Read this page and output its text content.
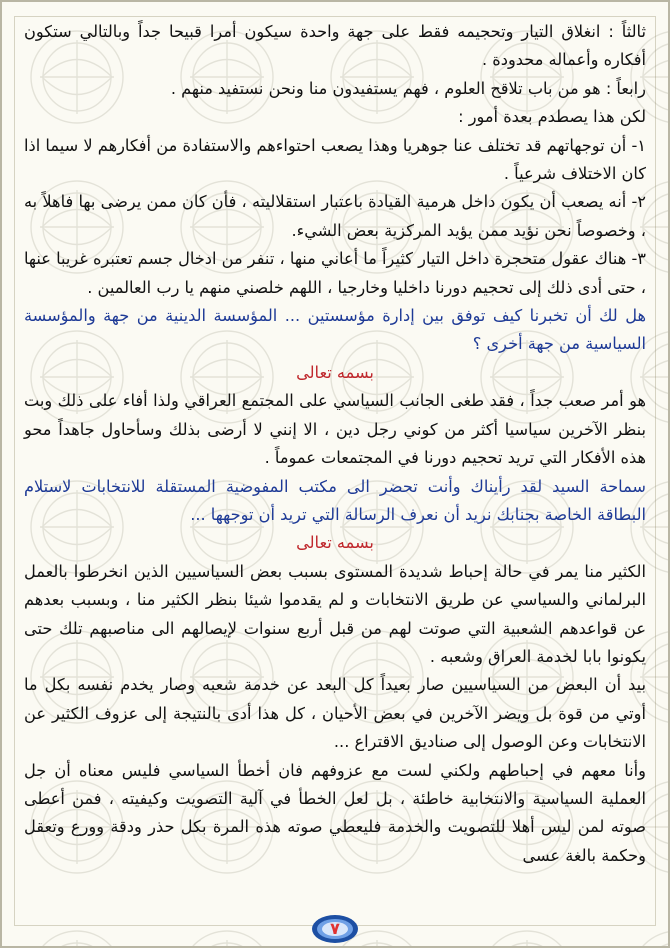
ثالثاً : انغلاق التيار وتحجيمه فقط على جهة واحدة سيكون أمرا قبيحا جداً وبالتالي ستكون أفكاره وأعماله محدودة .

رابعاً : هو من باب تلاقح العلوم ، فهم يستفيدون منا ونحن نستفيد منهم .

لكن هذا يصطدم بعدة أمور :

١- أن توجهاتهم قد تختلف عنا جوهريا وهذا يصعب احتواءهم والاستفادة من أفكارهم لا سيما اذا كان الاختلاف شرعياً .

٢- أنه يصعب أن يكون داخل هرمية القيادة باعتبار استقلاليته ، فأن كان ممن يرضى بها فاهلاً به ، وخصوصاً نحن نؤيد ممن يؤيد المركزية بعض الشيء.

٣- هناك عقول متحجرة داخل التيار كثيراً ما أعاني منها ، تنفر من ادخال جسم تعتبره غريبا عنها ، حتى أدى ذلك إلى تحجيم دورنا داخليا وخارجيا ، اللهم خلصني منهم يا رب العالمين .

هل لك أن تخبرنا كيف توفق بين إدارة مؤسستين ... المؤسسة الدينية من جهة والمؤسسة السياسية من جهة أخرى ؟

بسمه تعالى

هو أمر صعب جداً ، فقد طغى الجانب السياسي على المجتمع العراقي ولذا أفاء على ذلك وبت بنظر الآخرين سياسيا أكثر من كوني رجل دين ، الا إنني لا أرضى بذلك وسأحاول جاهداً محو هذه الأفكار التي تريد تحجيم دورنا في المجتمعات عموماً .

سماحة السيد لقد رأيناك وأنت تحضر الى مكتب المفوضية المستقلة للانتخابات لاستلام البطاقة الخاصة بجنابك نريد أن نعرف الرسالة التي تريد أن توجهها ...

بسمه تعالى

الكثير منا يمر في حالة إحباط شديدة المستوى بسبب بعض السياسيين الذين انخرطوا بالعمل البرلماني والسياسي عن طريق الانتخابات و لم يقدموا شيئا بنظر الكثير منا ، وبسبب بعدهم عن قواعدهم الشعبية التي صوتت لهم من قبل أربع سنوات لإيصالهم الى مناصبهم تلك حتى يكونوا بابا لخدمة العراق وشعبه .

بيد أن البعض من السياسيين صار بعيداً كل البعد عن خدمة شعبه وصار يخدم نفسه بكل ما أوتي من قوة بل ويضر الآخرين في بعض الأحيان ، كل هذا أدى بالنتيجة إلى عزوف الكثير عن الانتخابات وعن الوصول إلى صناديق الاقتراع ...

وأنا معهم في إحباطهم ولكني لست مع عزوفهم فان أخطأ السياسي فليس معناه أن جل العملية السياسية والانتخابية خاطئة ، بل لعل الخطأ في آلية التصويت وكيفيته ، فمن أعطى صوته لمن ليس أهلا للتصويت والخدمة فليعطي صوته هذه المرة بكل حذر ودقة وورع وتعقل وحكمة بالغة عسى

٧
